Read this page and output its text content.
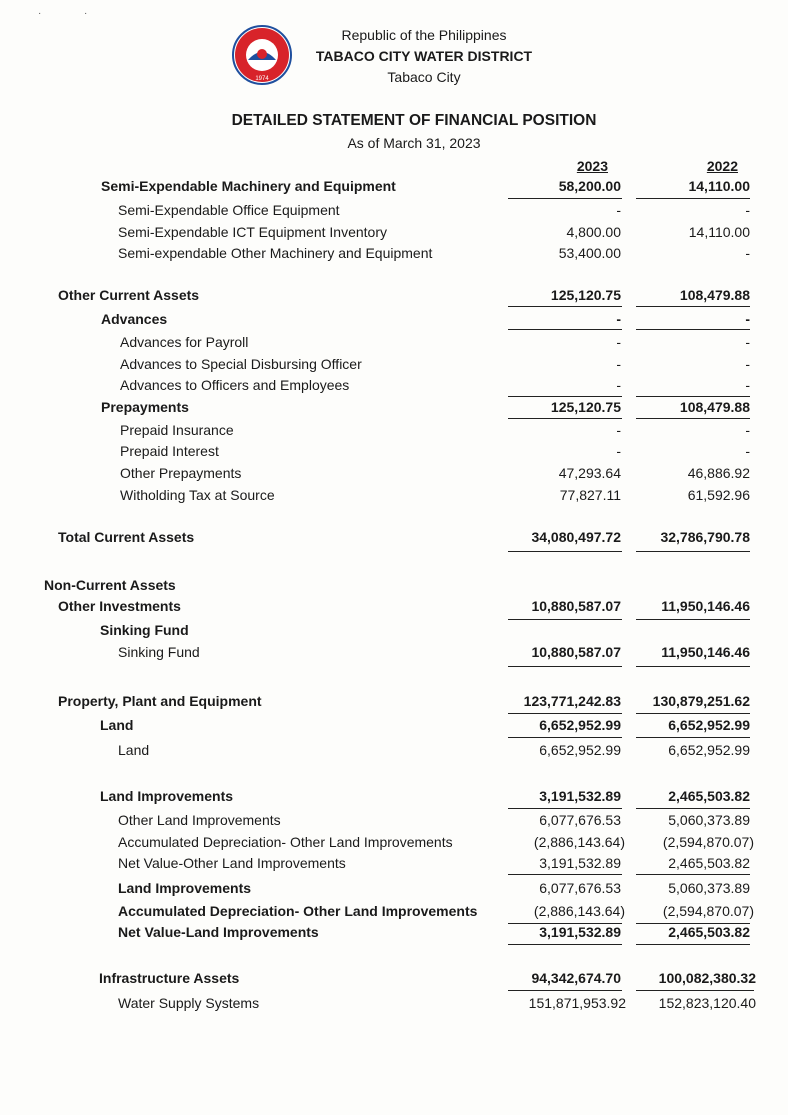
·	·
1974
Republic of the Philippines
TABACO CITY WATER DISTRICT
Tabaco City
DETAILED STATEMENT OF FINANCIAL POSITION
As of March 31, 2023
2023	2022
Semi-Expendable Machinery and Equipment	58,200.00	14,110.00
Semi-Expendable Office Equipment	-	-
Semi-Expendable ICT Equipment Inventory	4,800.00	14,110.00
Semi-expendable Other Machinery and Equipment	53,400.00	-
Other Current Assets	125,120.75	108,479.88
Advances	-	-
Advances for Payroll	-	-
Advances to Special Disbursing Officer	-	-
Advances to Officers and Employees	-	-
Prepayments	125,120.75	108,479.88
Prepaid Insurance	-	-
Prepaid Interest	-	-
Other Prepayments	47,293.64	46,886.92
Witholding Tax at Source	77,827.11	61,592.96
Total Current Assets	34,080,497.72	32,786,790.78
Non-Current Assets
Other Investments	10,880,587.07	11,950,146.46
Sinking Fund
Sinking Fund	10,880,587.07	11,950,146.46
Property, Plant and Equipment	123,771,242.83 130,879,251.62
Land	6,652,952.99	6,652,952.99
Land	6,652,952.99	6,652,952.99
Land Improvements	3,191,532.89	2,465,503.82
Other Land Improvements	6,077,676.53	5,060,373.89
Accumulated Depreciation- Other Land Improvements	(2,886,143.64)	(2,594,870.07)
Net Value-Other Land Improvements	3,191,532.89	2,465,503.82
Land Improvements	6,077,676.53	5,060,373.89
Accumulated Depreciation- Other Land Improvements	(2,886,143.64)	(2,594,870.07)
Net Value-Land Improvements	3,191,532.89	2,465,503.82
Infrastructure Assets	94,342,674.70	100,082,380.32
Water Supply Systems	151,871,953.92 152,823,120.40
